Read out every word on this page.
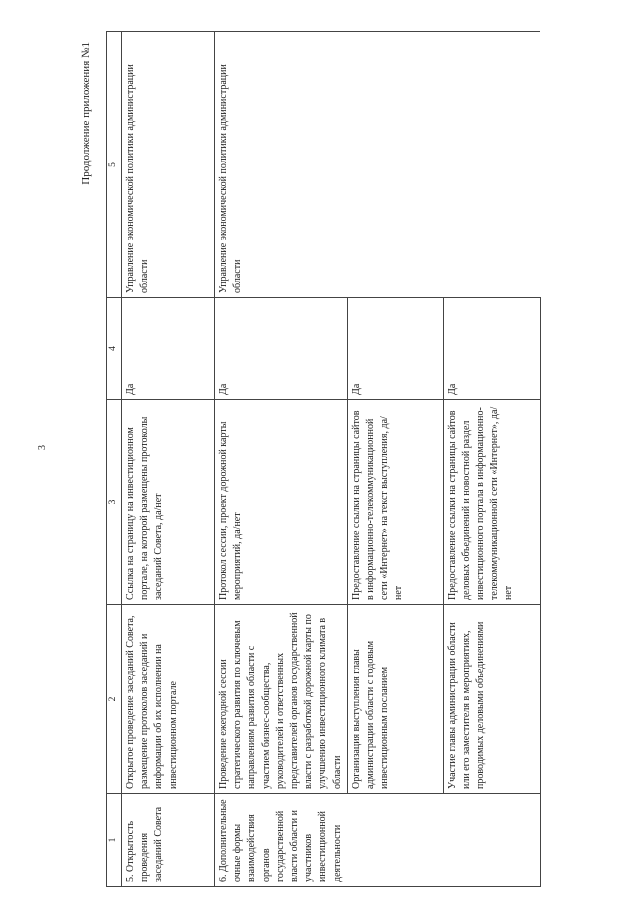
3
Продолжение приложения №1
1	2	3	4	5
5. Открытость проведения заседаний Совета	Открытое проведение заседаний Совета, размещение протоколов заседаний и информации об их исполнении на инвестиционном портале	Ссылка на страницу на инвестиционном портале, на которой размещены протоколы заседаний Совета, да/нет	Да	Управление экономической политики администрации области
6. Дополнительные очные формы взаимодействия органов государственной власти области и участников инвестиционной деятельности	Проведение ежегодной сессии стратегического развития по ключевым направлениям развития области с участием бизнес-сообщества, руководителей и ответственных представителей органов государственной власти с разработкой дорожной карты по улучшению инвестиционного климата в области	Протокол сессии, проект дорожной карты мероприятий, да/нет	Да	Управление экономической политики администрации области
	Организация выступления главы администрации области с годовым инвестиционным посланием	Предоставление ссылки на страницы сайтов в информационно-телекоммуникационной сети «Интернет» на текст выступления, да/нет	Да	
	Участие главы администрации области или его заместителя в мероприятиях, проводимых деловыми объединениями	Предоставление ссылки на страницы сайтов деловых объединений и новостной раздел инвестиционного портала в информационно-телекоммуникационной сети «Интернет», да/нет	Да	
